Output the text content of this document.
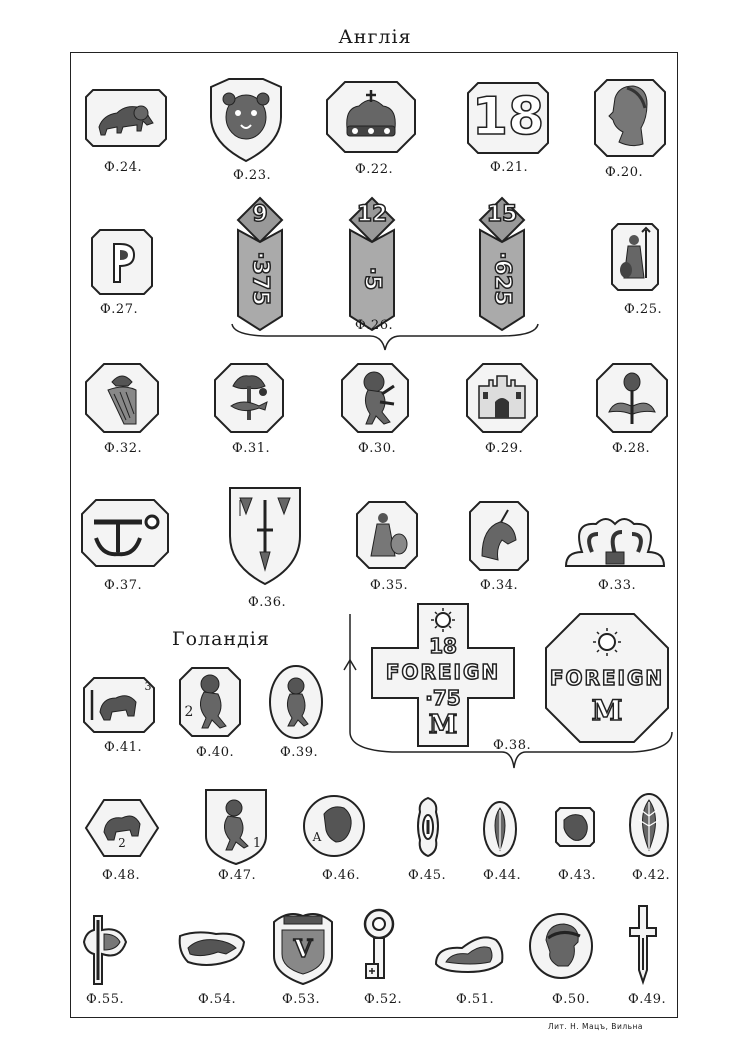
Англія
Ф.24.
Ф.23.	Ф.22.
18
Ф.21.	Ф.20.
Ф.27.
9
·375
12
·5
15
·625
Ф.26.
Ф.25.
Ф.32.	Ф.31.	Ф.30.	Ф.29.	Ф.28.
Ф.37.
Ф.36.
Ф.35.	Ф.34.	Ф.33.
Голандія
3
Ф.41.
2
Ф.40.	Ф.39.
18
FOREIGN
·75
M
Ф.38.
FOREIGN
M
2
Ф.48.
1
Ф.47.
A
Ф.46.	Ф.45.	Ф.44.	Ф.43.	Ф.42.
Ф.55.	Ф.54.
V
Ф.53.	Ф.52.	Ф.51.	Ф.50.	Ф.49.
Лит. Н. Мацъ, Вильна
